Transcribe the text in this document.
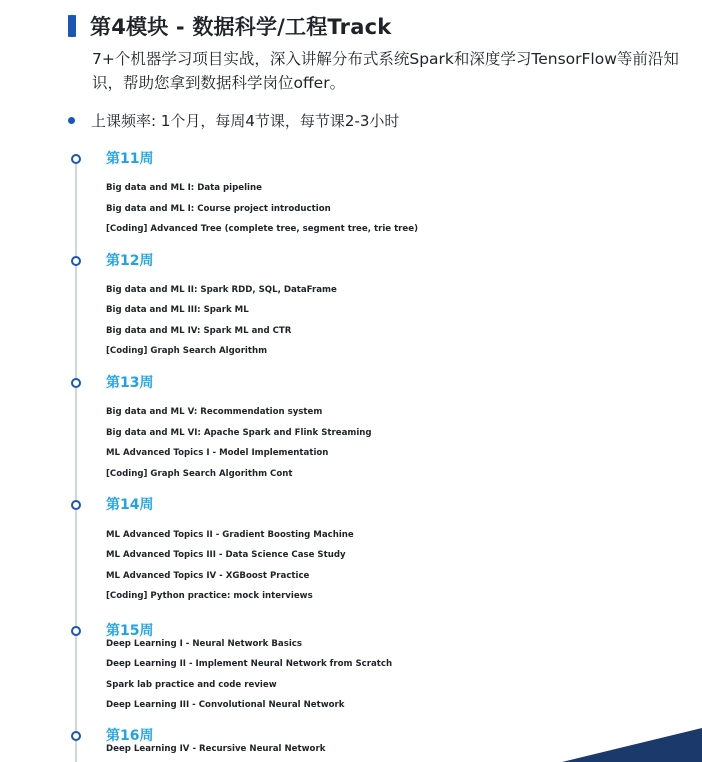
第4模块 - 数据科学/工程Track
7+个机器学习项目实战，深入讲解分布式系统Spark和深度学习TensorFlow等前沿知识，帮助您拿到数据科学岗位offer。
上课频率: 1个月，每周4节课，每节课2-3小时
第11周
Big data and ML I: Data pipeline
Big data and ML I: Course project introduction
[Coding] Advanced Tree (complete tree, segment tree, trie tree)
第12周
Big data and ML II: Spark RDD, SQL, DataFrame
Big data and ML III: Spark ML
Big data and ML IV: Spark ML and CTR
[Coding] Graph Search Algorithm
第13周
Big data and ML V: Recommendation system
Big data and ML VI: Apache Spark and Flink Streaming
ML Advanced Topics I - Model Implementation
[Coding] Graph Search Algorithm Cont
第14周
ML Advanced Topics II - Gradient Boosting Machine
ML Advanced Topics III - Data Science Case Study
ML Advanced Topics IV - XGBoost Practice
[Coding] Python practice: mock interviews
第15周
Deep Learning I - Neural Network Basics
Deep Learning II - Implement Neural Network from Scratch
Spark lab practice and code review
Deep Learning III - Convolutional Neural Network
第16周
Deep Learning IV - Recursive Neural Network
